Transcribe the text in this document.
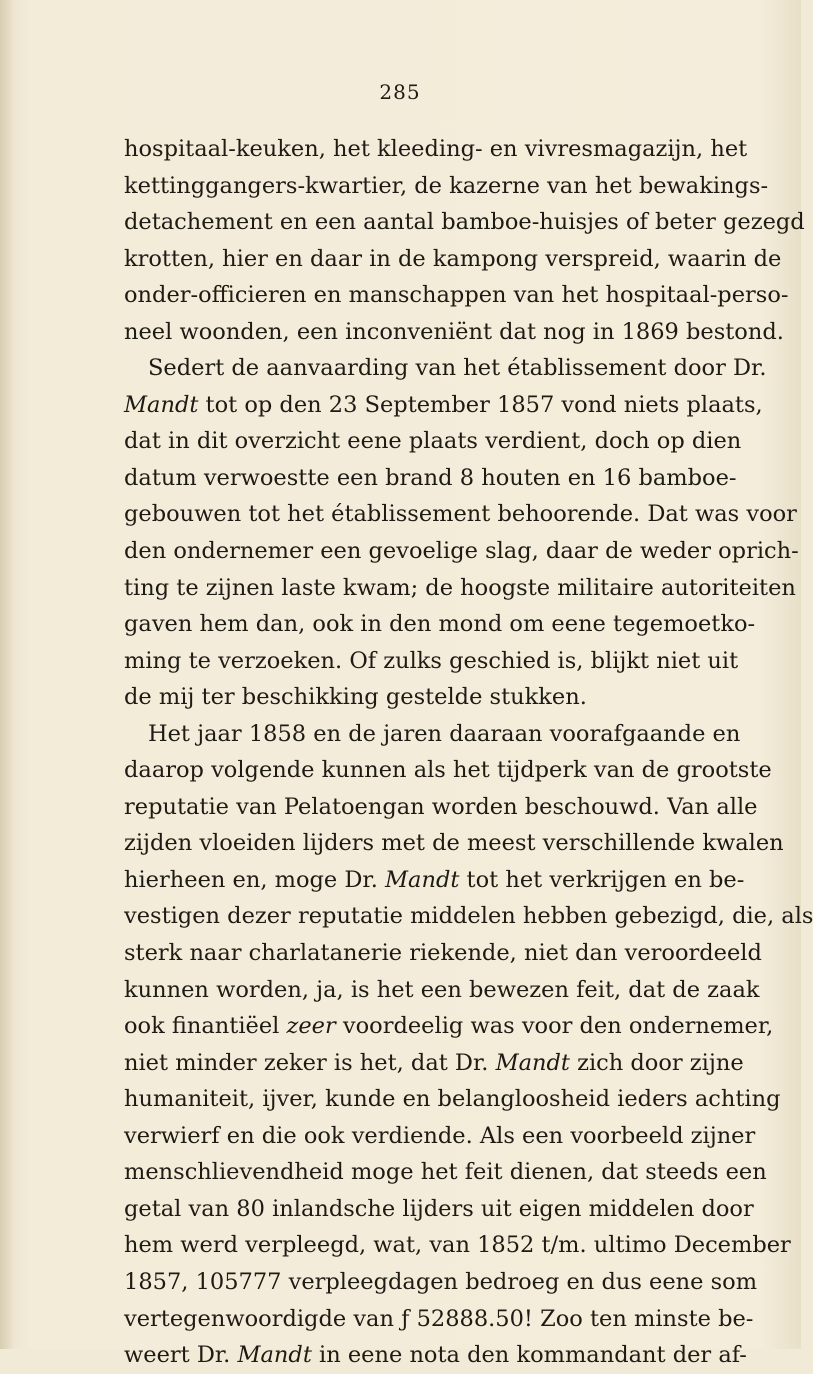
285
hospitaal-keuken, het kleeding- en vivresmagazijn, het
kettinggangers-kwartier, de kazerne van het bewakings-
detachement en een aantal bamboe-huisjes of beter gezegd
krotten, hier en daar in de kampong verspreid, waarin de
onder-officieren en manschappen van het hospitaal-perso-
neel woonden, een inconveniënt dat nog in 1869 bestond.
Sedert de aanvaarding van het établissement door Dr.
Mandt tot op den 23 September 1857 vond niets plaats,
dat in dit overzicht eene plaats verdient, doch op dien
datum verwoestte een brand 8 houten en 16 bamboe-
gebouwen tot het établissement behoorende. Dat was voor
den ondernemer een gevoelige slag, daar de weder oprich-
ting te zijnen laste kwam; de hoogste militaire autoriteiten
gaven hem dan, ook in den mond om eene tegemoetko-
ming te verzoeken. Of zulks geschied is, blijkt niet uit
de mij ter beschikking gestelde stukken.
Het jaar 1858 en de jaren daaraan voorafgaande en
daarop volgende kunnen als het tijdperk van de grootste
reputatie van Pelatoengan worden beschouwd. Van alle
zijden vloeiden lijders met de meest verschillende kwalen
hierheen en, moge Dr. Mandt tot het verkrijgen en be-
vestigen dezer reputatie middelen hebben gebezigd, die, als
sterk naar charlatanerie riekende, niet dan veroordeeld
kunnen worden, ja, is het een bewezen feit, dat de zaak
ook finantiëel zeer voordeelig was voor den ondernemer,
niet minder zeker is het, dat Dr. Mandt zich door zijne
humaniteit, ijver, kunde en belangloosheid ieders achting
verwierf en die ook verdiende. Als een voorbeeld zijner
menschlievendheid moge het feit dienen, dat steeds een
getal van 80 inlandsche lijders uit eigen middelen door
hem werd verpleegd, wat, van 1852 t/m. ultimo December
1857, 105777 verpleegdagen bedroeg en dus eene som
vertegenwoordigde van ƒ 52888.50! Zoo ten minste be-
weert Dr. Mandt in eene nota den kommandant der af-
